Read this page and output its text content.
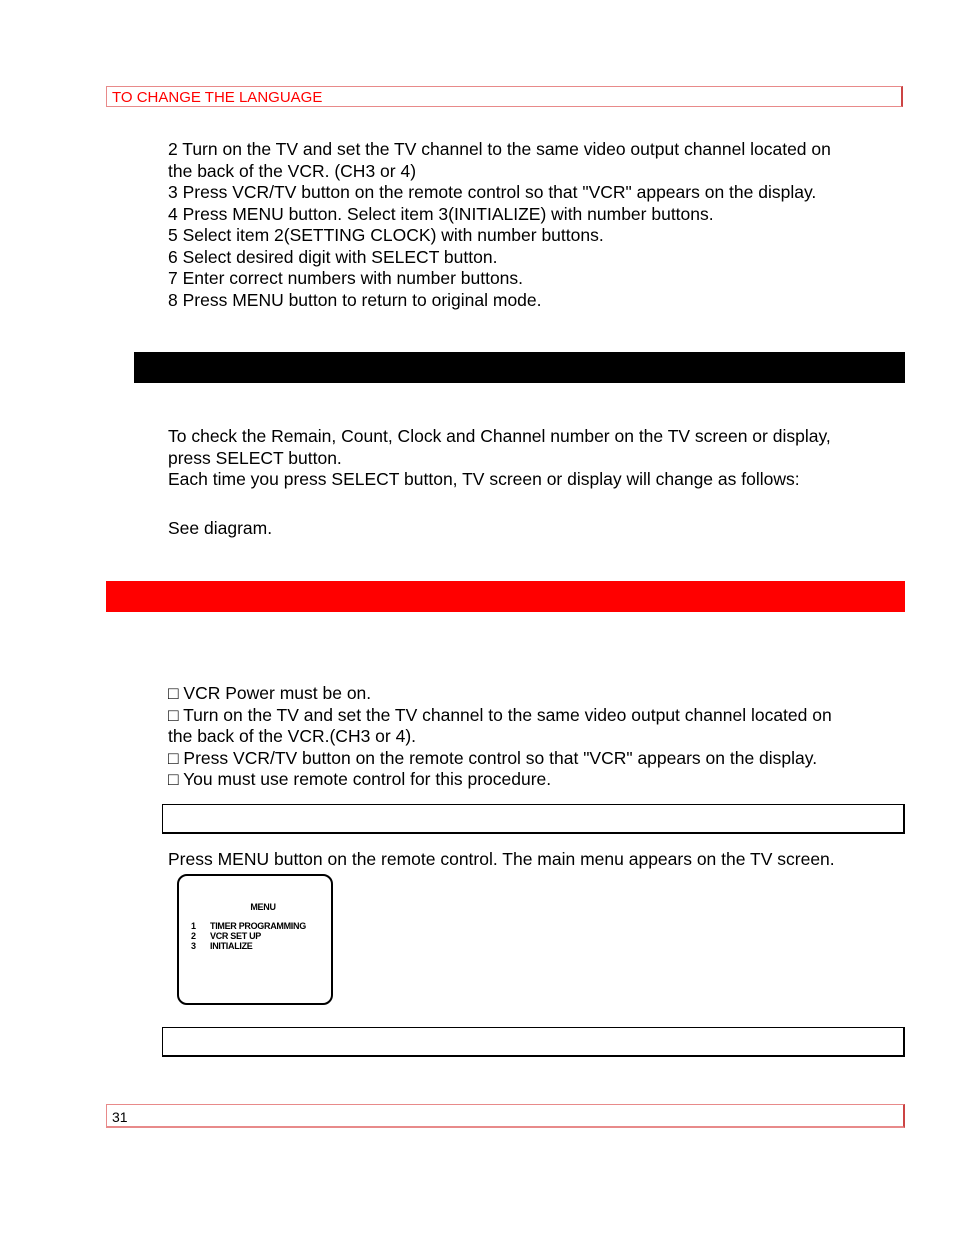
TO CHANGE THE LANGUAGE
2 Turn on the TV and set the TV channel to the same video output channel located on
the back of the VCR. (CH3 or 4)
3 Press VCR/TV button on the remote control so that "VCR" appears on the display.
4 Press MENU button. Select item 3(INITIALIZE) with number buttons.
5 Select item 2(SETTING CLOCK) with number buttons.
6 Select desired digit with SELECT button.
7 Enter correct numbers with number buttons.
8 Press MENU button to return to original mode.
To check the Remain, Count, Clock and Channel number on the TV screen or display,
press SELECT button.
Each time you press SELECT button, TV screen or display will change as follows:
See diagram.
□ VCR Power must be on.
□ Turn on the TV and set the TV channel to the same video output channel located on
the back of the VCR.(CH3 or 4).
□ Press VCR/TV button on the remote control so that "VCR" appears on the display.
□ You must use remote control for this procedure.
Press MENU button on the remote control. The main menu appears on the TV screen.
MENU
1 TIMER PROGRAMMING
2 VCR SET UP
3 INITIALIZE
31
